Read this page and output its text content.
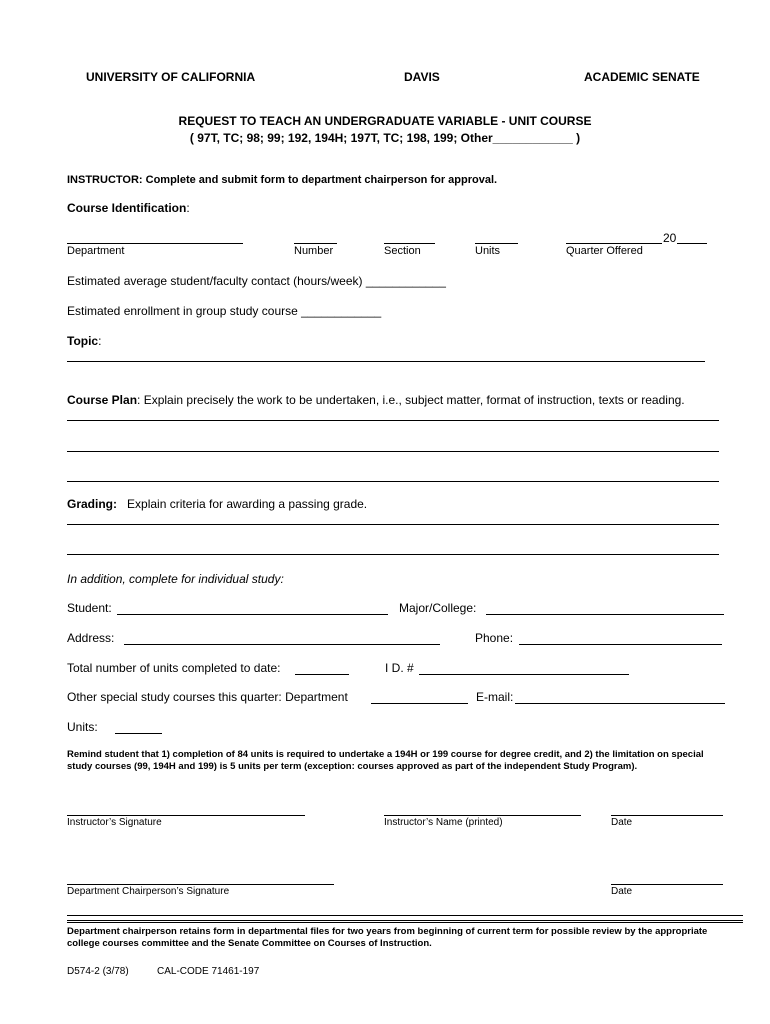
UNIVERSITY OF CALIFORNIA	DAVIS	ACADEMIC SENATE
REQUEST TO TEACH AN UNDERGRADUATE VARIABLE - UNIT COURSE
( 97T, TC; 98; 99; 192, 194H; 197T, TC; 198, 199; Other____________ )
INSTRUCTOR: Complete and submit form to department chairperson for approval.
Course Identification:
20
Department	Number	Section	Units	Quarter Offered
Estimated average student/faculty contact (hours/week) ____________
Estimated enrollment in group study course ____________
Topic:
Course Plan: Explain precisely the work to be undertaken, i.e., subject matter, format of instruction, texts or reading.
Grading: Explain criteria for awarding a passing grade.
In addition, complete for individual study:
Student:	Major/College:
Address:	Phone:
Total number of units completed to date:	I D. #
Other special study courses this quarter: Department	E-mail:
Units:
Remind student that 1) completion of 84 units is required to undertake a 194H or 199 course for degree credit, and 2) the limitation on special study courses (99, 194H and 199) is 5 units per term (exception: courses approved as part of the independent Study Program).
Instructor’s Signature	Instructor’s Name (printed)	Date
Department Chairperson’s Signature	Date
Department chairperson retains form in departmental files for two years from beginning of current term for possible review by the appropriate college courses committee and the Senate Committee on Courses of Instruction.
D574-2 (3/78)	CAL-CODE 71461-197
